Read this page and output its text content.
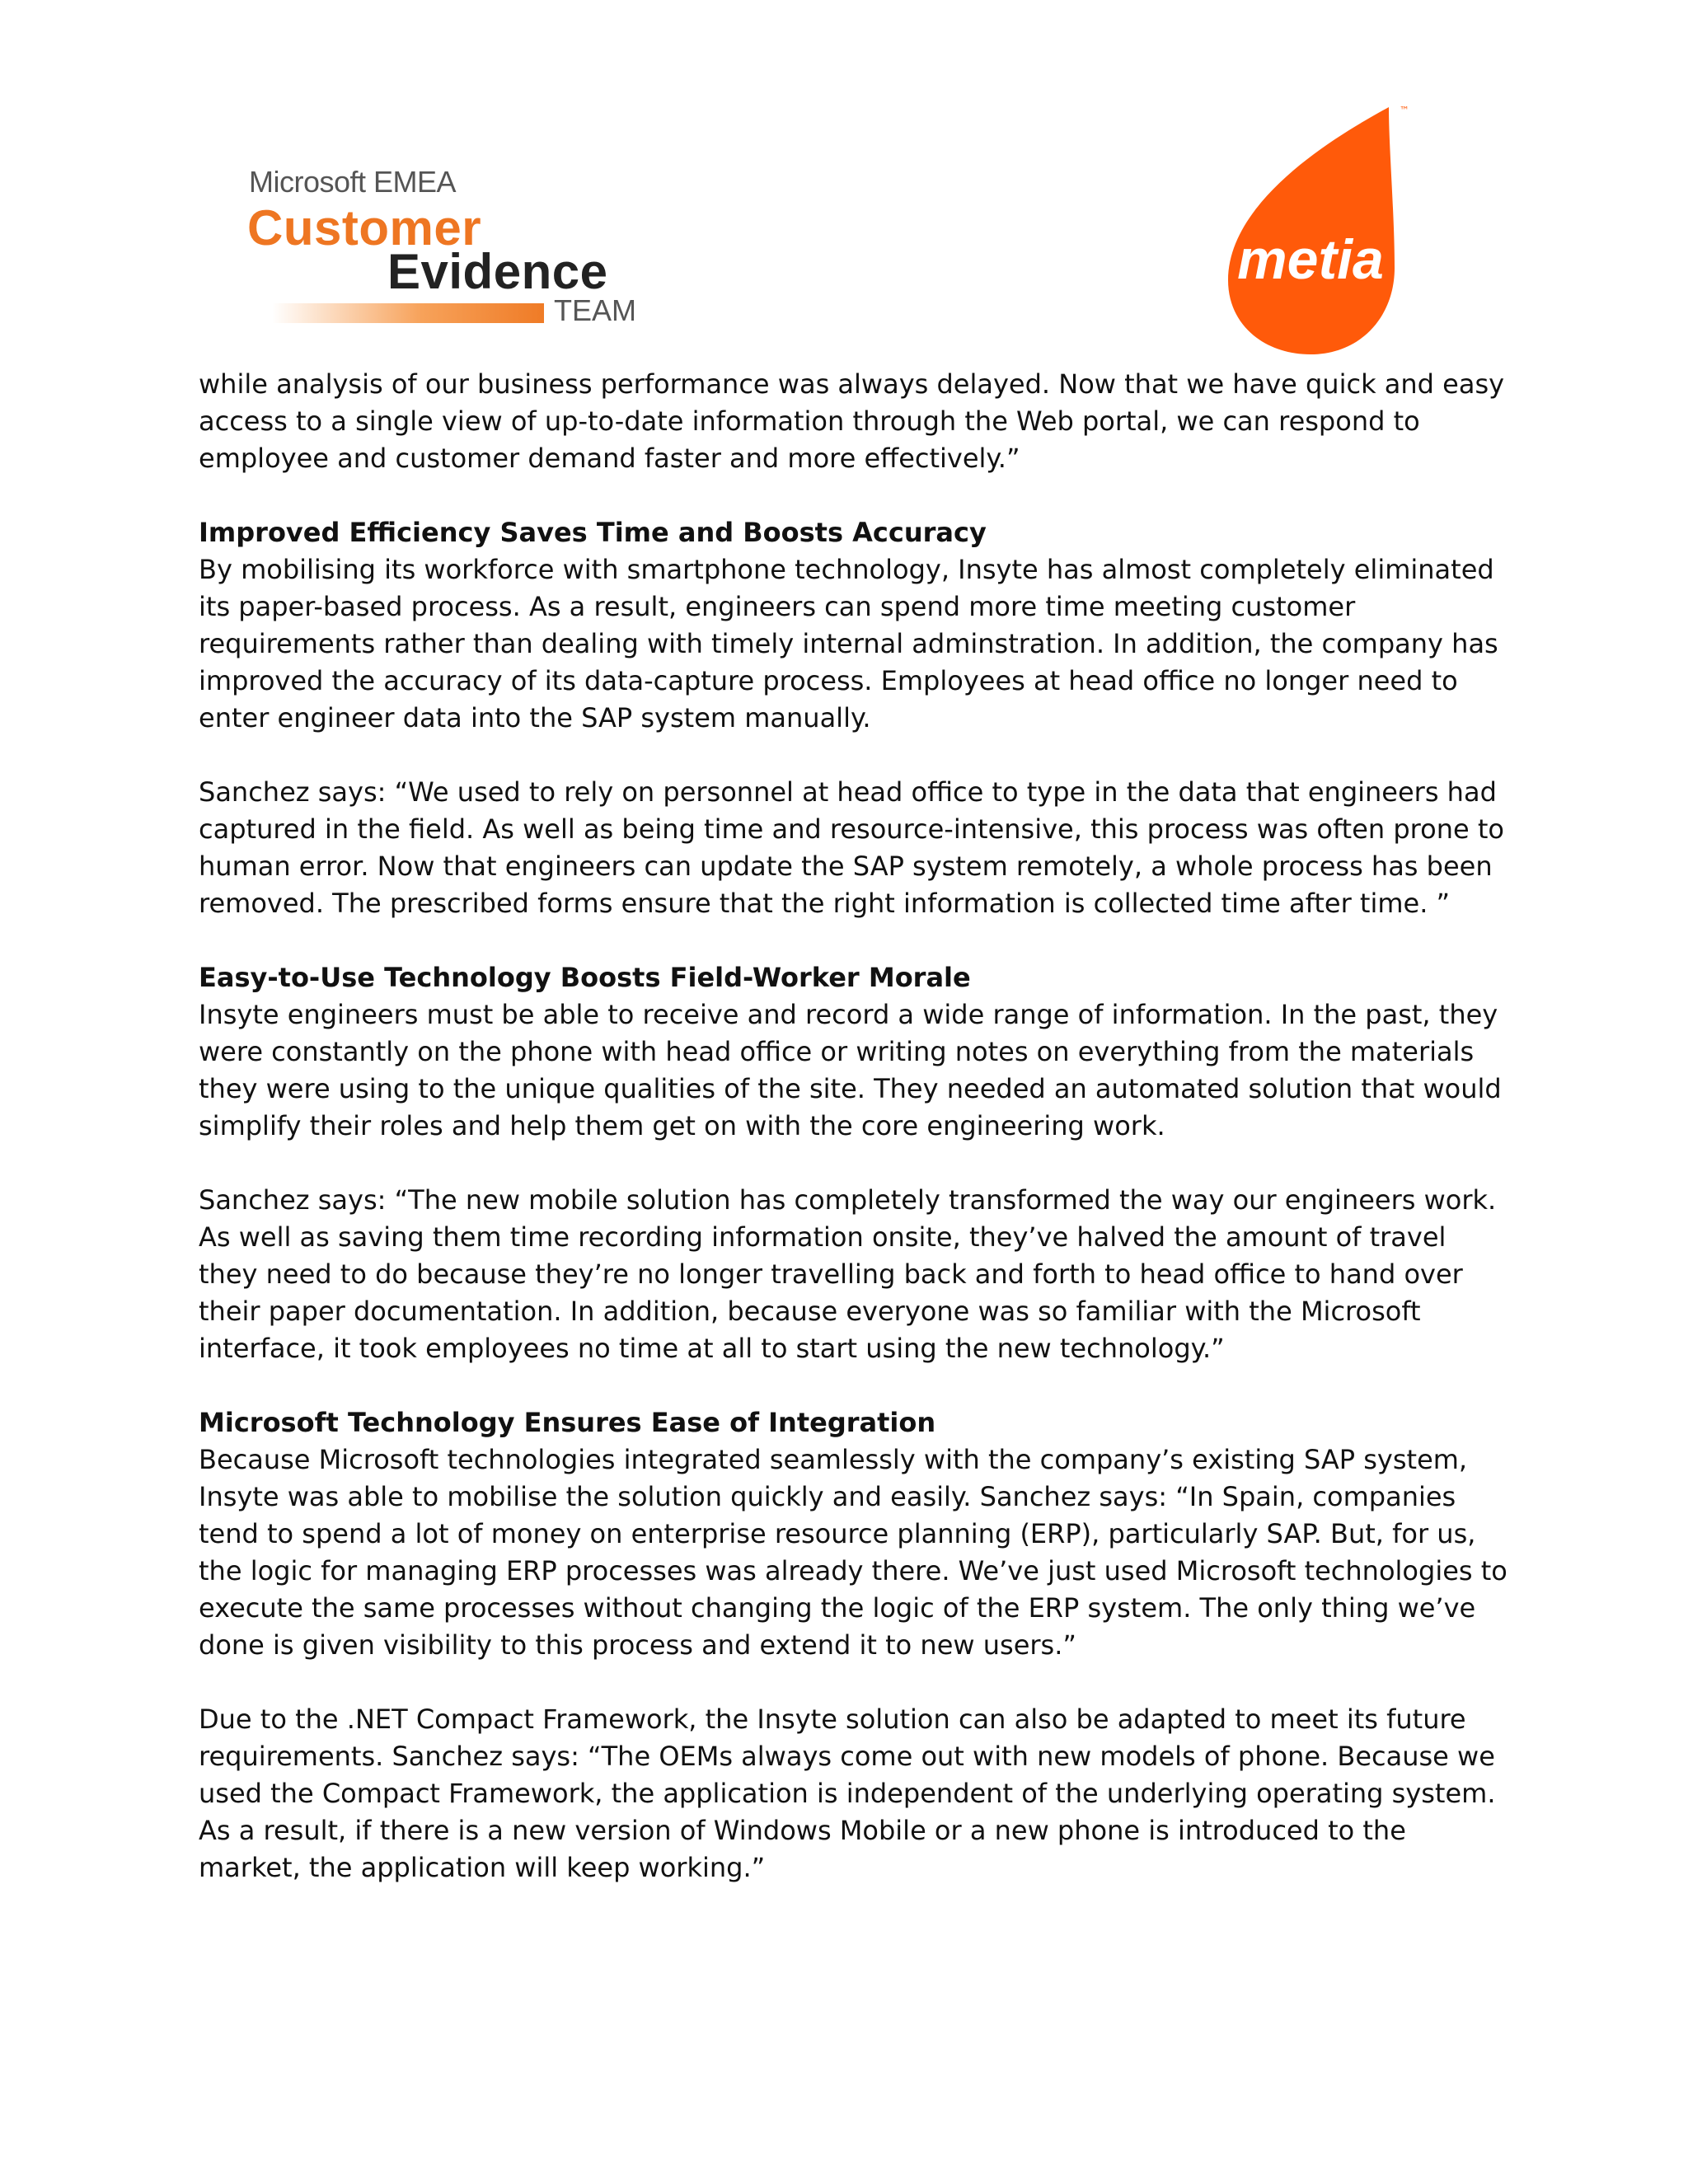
Microsoft EMEA
Customer
Evidence
TEAM
metia
™

while analysis of our business performance was always delayed. Now that we have quick and easy access to a single view of up-to-date information through the Web portal, we can respond to employee and customer demand faster and more effectively.”

Improved Efficiency Saves Time and Boosts Accuracy

By mobilising its workforce with smartphone technology, Insyte has almost completely eliminated its paper-based process. As a result, engineers can spend more time meeting customer requirements rather than dealing with timely internal adminstration. In addition, the company has improved the accuracy of its data-capture process. Employees at head office no longer need to enter engineer data into the SAP system manually.

Sanchez says: “We used to rely on personnel at head office to type in the data that engineers had captured in the field. As well as being time and resource-intensive, this process was often prone to human error. Now that engineers can update the SAP system remotely, a whole process has been removed. The prescribed forms ensure that the right information is collected time after time. ”

Easy-to-Use Technology Boosts Field-Worker Morale

Insyte engineers must be able to receive and record a wide range of information. In the past, they were constantly on the phone with head office or writing notes on everything from the materials they were using to the unique qualities of the site. They needed an automated solution that would simplify their roles and help them get on with the core engineering work.

Sanchez says: “The new mobile solution has completely transformed the way our engineers work. As well as saving them time recording information onsite, they’ve halved the amount of travel they need to do because they’re no longer travelling back and forth to head office to hand over their paper documentation. In addition, because everyone was so familiar with the Microsoft interface, it took employees no time at all to start using the new technology.”

Microsoft Technology Ensures Ease of Integration

Because Microsoft technologies integrated seamlessly with the company’s existing SAP system, Insyte was able to mobilise the solution quickly and easily. Sanchez says: “In Spain, companies tend to spend a lot of money on enterprise resource planning (ERP), particularly SAP. But, for us, the logic for managing ERP processes was already there. We’ve just used Microsoft technologies to execute the same processes without changing the logic of the ERP system. The only thing we’ve done is given visibility to this process and extend it to new users.”

Due to the .NET Compact Framework, the Insyte solution can also be adapted to meet its future requirements. Sanchez says: “The OEMs always come out with new models of phone. Because we used the Compact Framework, the application is independent of the underlying operating system. As a result, if there is a new version of Windows Mobile or a new phone is introduced to the market, the application will keep working.”
